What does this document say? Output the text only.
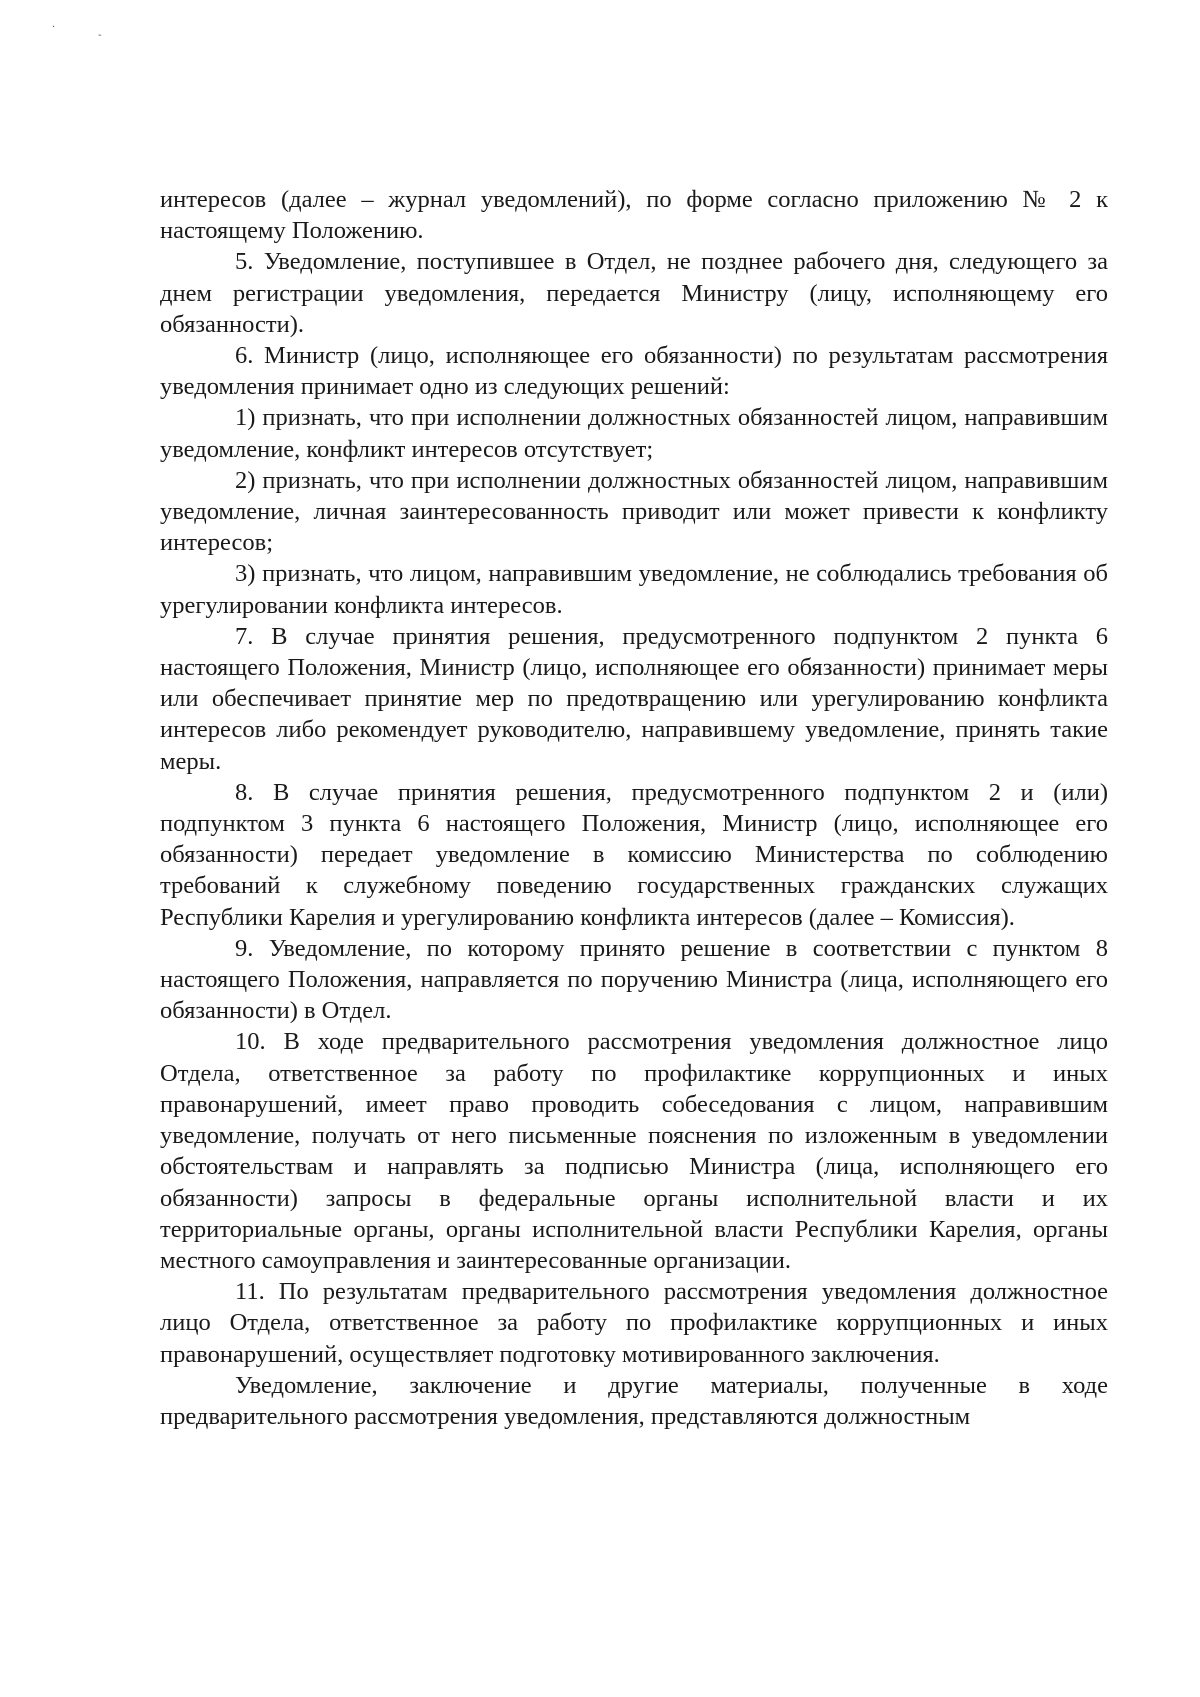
·
-

интересов (далее – журнал уведомлений), по форме согласно приложению № 2 к настоящему Положению.

5. Уведомление, поступившее в Отдел, не позднее рабочего дня, следующего за днем регистрации уведомления, передается Министру (лицу, исполняющему его обязанности).

6. Министр (лицо, исполняющее его обязанности) по результатам рассмотрения уведомления принимает одно из следующих решений:

1) признать, что при исполнении должностных обязанностей лицом, направившим уведомление, конфликт интересов отсутствует;

2) признать, что при исполнении должностных обязанностей лицом, направившим уведомление, личная заинтересованность приводит или может привести к конфликту интересов;

3) признать, что лицом, направившим уведомление, не соблюдались требования об урегулировании конфликта интересов.

7. В случае принятия решения, предусмотренного подпунктом 2 пункта 6 настоящего Положения, Министр (лицо, исполняющее его обязанности) принимает меры или обеспечивает принятие мер по предотвращению или урегулированию конфликта интересов либо рекомендует руководителю, направившему уведомление, принять такие меры.

8. В случае принятия решения, предусмотренного подпунктом 2 и (или) подпунктом 3 пункта 6 настоящего Положения, Министр (лицо, исполняющее его обязанности) передает уведомление в комиссию Министерства по соблюдению требований к служебному поведению государственных гражданских служащих Республики Карелия и урегулированию конфликта интересов (далее – Комиссия).

9. Уведомление, по которому принято решение в соответствии с пунктом 8 настоящего Положения, направляется по поручению Министра (лица, исполняющего его обязанности) в Отдел.

10. В ходе предварительного рассмотрения уведомления должностное лицо Отдела, ответственное за работу по профилактике коррупционных и иных правонарушений, имеет право проводить собеседования с лицом, направившим уведомление, получать от него письменные пояснения по изложенным в уведомлении обстоятельствам и направлять за подписью Министра (лица, исполняющего его обязанности) запросы в федеральные органы исполнительной власти и их территориальные органы, органы исполнительной власти Республики Карелия, органы местного самоуправления и заинтересованные организации.

11. По результатам предварительного рассмотрения уведомления должностное лицо Отдела, ответственное за работу по профилактике коррупционных и иных правонарушений, осуществляет подготовку мотивированного заключения.

Уведомление, заключение и другие материалы, полученные в ходе предварительного рассмотрения уведомления, представляются должностным
